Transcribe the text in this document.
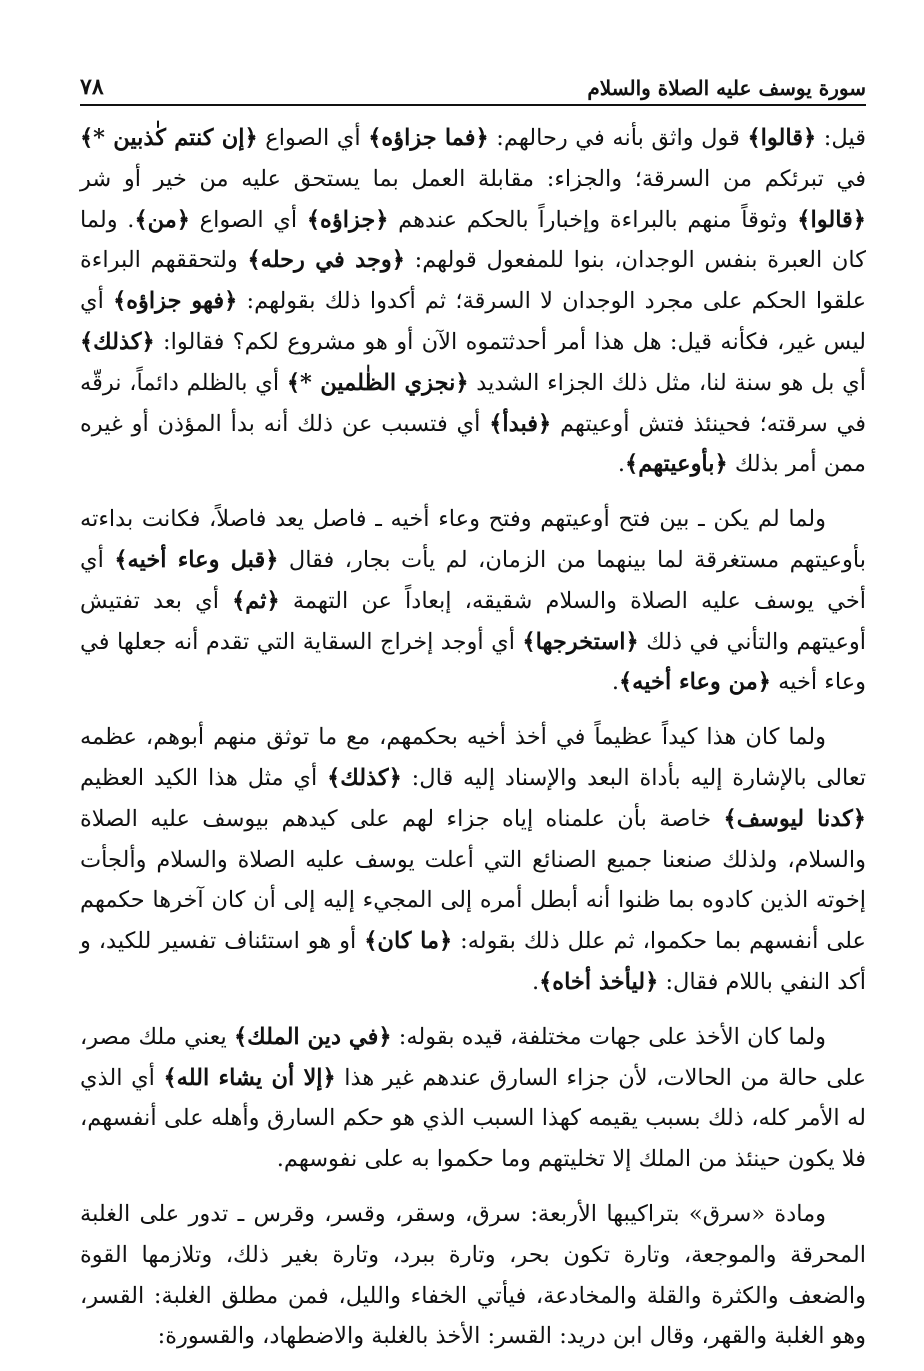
٧٨	سورة يوسف عليه الصلاة والسلام

قيل: ﴿قالوا﴾ قول واثق بأنه في رحالهم: ﴿فما جزاؤه﴾ أي الصواع ﴿إن كنتم كٰذبين *﴾ في تبرئكم من السرقة؛ والجزاء: مقابلة العمل بما يستحق عليه من خير أو شر ﴿قالوا﴾ وثوقاً منهم بالبراءة وإخباراً بالحكم عندهم ﴿جزاؤه﴾ أي الصواع ﴿من﴾. ولما كان العبرة بنفس الوجدان، بنوا للمفعول قولهم: ﴿وجد في رحله﴾ ولتحققهم البراءة علقوا الحكم على مجرد الوجدان لا السرقة؛ ثم أكدوا ذلك بقولهم: ﴿فهو جزاؤه﴾ أي ليس غير، فكأنه قيل: هل هذا أمر أحدثتموه الآن أو هو مشروع لكم؟ فقالوا: ﴿كذلك﴾ أي بل هو سنة لنا، مثل ذلك الجزاء الشديد ﴿نجزي الظٰلمين *﴾ أي بالظلم دائماً، نرقّه في سرقته؛ فحينئذ فتش أوعيتهم ﴿فبدأ﴾ أي فتسبب عن ذلك أنه بدأ المؤذن أو غيره ممن أمر بذلك ﴿بأوعيتهم﴾.

ولما لم يكن ـ بين فتح أوعيتهم وفتح وعاء أخيه ـ فاصل يعد فاصلاً، فكانت بداءته بأوعيتهم مستغرقة لما بينهما من الزمان، لم يأت بجار، فقال ﴿قبل وعاء أخيه﴾ أي أخي يوسف عليه الصلاة والسلام شقيقه، إبعاداً عن التهمة ﴿ثم﴾ أي بعد تفتيش أوعيتهم والتأني في ذلك ﴿استخرجها﴾ أي أوجد إخراج السقاية التي تقدم أنه جعلها في وعاء أخيه ﴿من وعاء أخيه﴾.

ولما كان هذا كيداً عظيماً في أخذ أخيه بحكمهم، مع ما توثق منهم أبوهم، عظمه تعالى بالإشارة إليه بأداة البعد والإسناد إليه قال: ﴿كذلك﴾ أي مثل هذا الكيد العظيم ﴿كدنا ليوسف﴾ خاصة بأن علمناه إياه جزاء لهم على كيدهم بيوسف عليه الصلاة والسلام، ولذلك صنعنا جميع الصنائع التي أعلت يوسف عليه الصلاة والسلام وألجأت إخوته الذين كادوه بما ظنوا أنه أبطل أمره إلى المجيء إليه إلى أن كان آخرها حكمهم على أنفسهم بما حكموا، ثم علل ذلك بقوله: ﴿ما كان﴾ أو هو استئناف تفسير للكيد، و أكد النفي باللام فقال: ﴿ليأخذ أخاه﴾.

ولما كان الأخذ على جهات مختلفة، قيده بقوله: ﴿في دين الملك﴾ يعني ملك مصر، على حالة من الحالات، لأن جزاء السارق عندهم غير هذا ﴿إلا أن يشاء الله﴾ أي الذي له الأمر كله، ذلك بسبب يقيمه كهذا السبب الذي هو حكم السارق وأهله على أنفسهم، فلا يكون حينئذ من الملك إلا تخليتهم وما حكموا به على نفوسهم.

ومادة «سرق» بتراكيبها الأربعة: سرق، وسقر، وقسر، وقرس ـ تدور على الغلبة المحرقة والموجعة، وتارة تكون بحر، وتارة ببرد، وتارة بغير ذلك، وتلازمها القوة والضعف والكثرة والقلة والمخادعة، فيأتي الخفاء والليل، فمن مطلق الغلبة: القسر، وهو الغلبة والقهر، وقال ابن دريد: القسر: الأخذ بالغلبة والاضطهاد، والقسورة:
